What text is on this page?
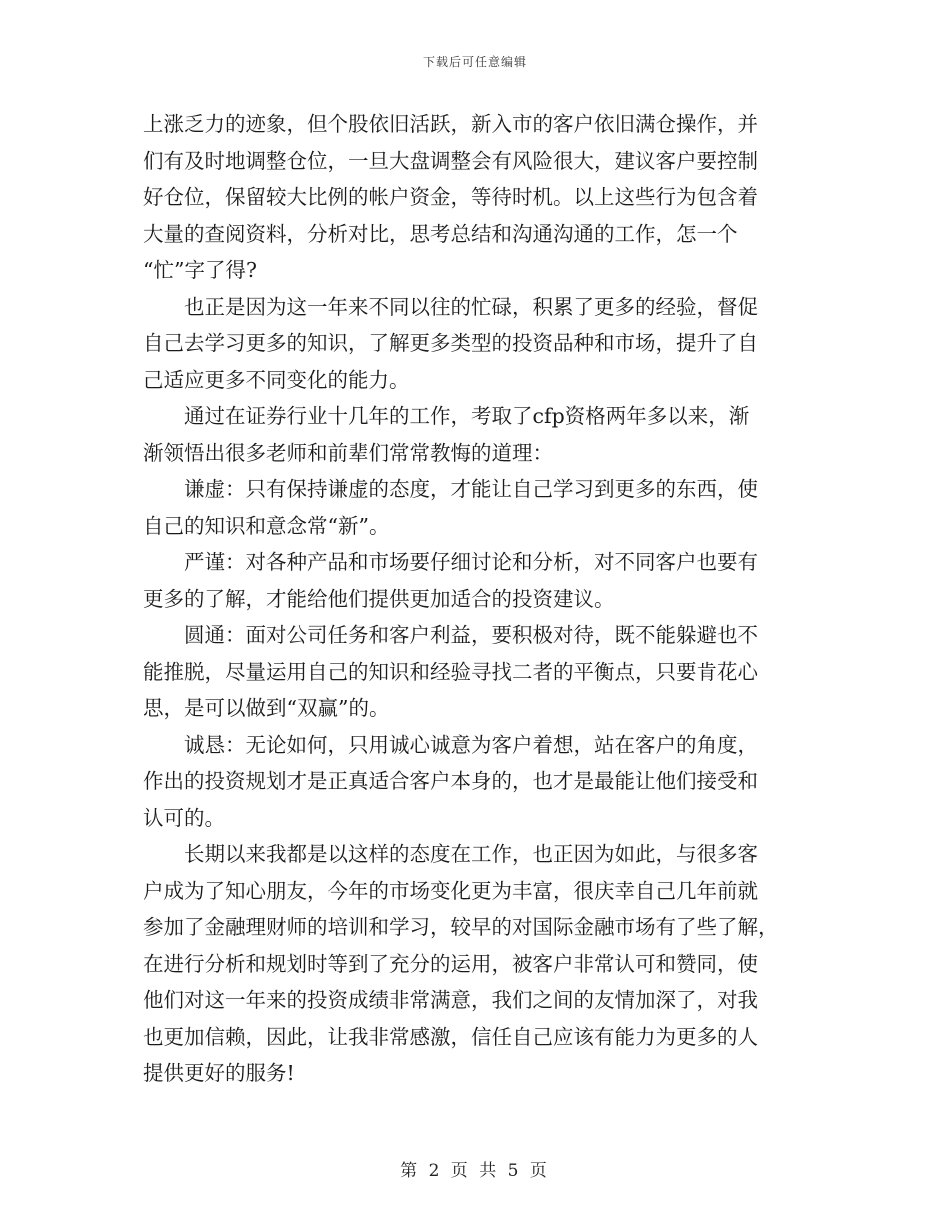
下载后可任意编辑
上涨乏力的迹象，但个股依旧活跃，新入市的客户依旧满仓操作，并
们有及时地调整仓位，一旦大盘调整会有风险很大，建议客户要控制
好仓位，保留较大比例的帐户资金，等待时机。以上这些行为包含着
大量的查阅资料，分析对比，思考总结和沟通沟通的工作，怎一个
“忙”字了得?
也正是因为这一年来不同以往的忙碌，积累了更多的经验，督促
自己去学习更多的知识，了解更多类型的投资品种和市场，提升了自
己适应更多不同变化的能力。
通过在证券行业十几年的工作，考取了cfp资格两年多以来，渐
渐领悟出很多老师和前辈们常常教悔的道理：
谦虚：只有保持谦虚的态度，才能让自己学习到更多的东西，使
自己的知识和意念常“新”。
严谨：对各种产品和市场要仔细讨论和分析，对不同客户也要有
更多的了解，才能给他们提供更加适合的投资建议。
圆通：面对公司任务和客户利益，要积极对待，既不能躲避也不
能推脱，尽量运用自己的知识和经验寻找二者的平衡点，只要肯花心
思，是可以做到“双赢”的。
诚恳：无论如何，只用诚心诚意为客户着想，站在客户的角度，
作出的投资规划才是正真适合客户本身的，也才是最能让他们接受和
认可的。
长期以来我都是以这样的态度在工作，也正因为如此，与很多客
户成为了知心朋友，今年的市场变化更为丰富，很庆幸自己几年前就
参加了金融理财师的培训和学习，较早的对国际金融市场有了些了解，
在进行分析和规划时等到了充分的运用，被客户非常认可和赞同，使
他们对这一年来的投资成绩非常满意，我们之间的友情加深了，对我
也更加信赖，因此，让我非常感激，信任自己应该有能力为更多的人
提供更好的服务!
第 2 页 共 5 页
